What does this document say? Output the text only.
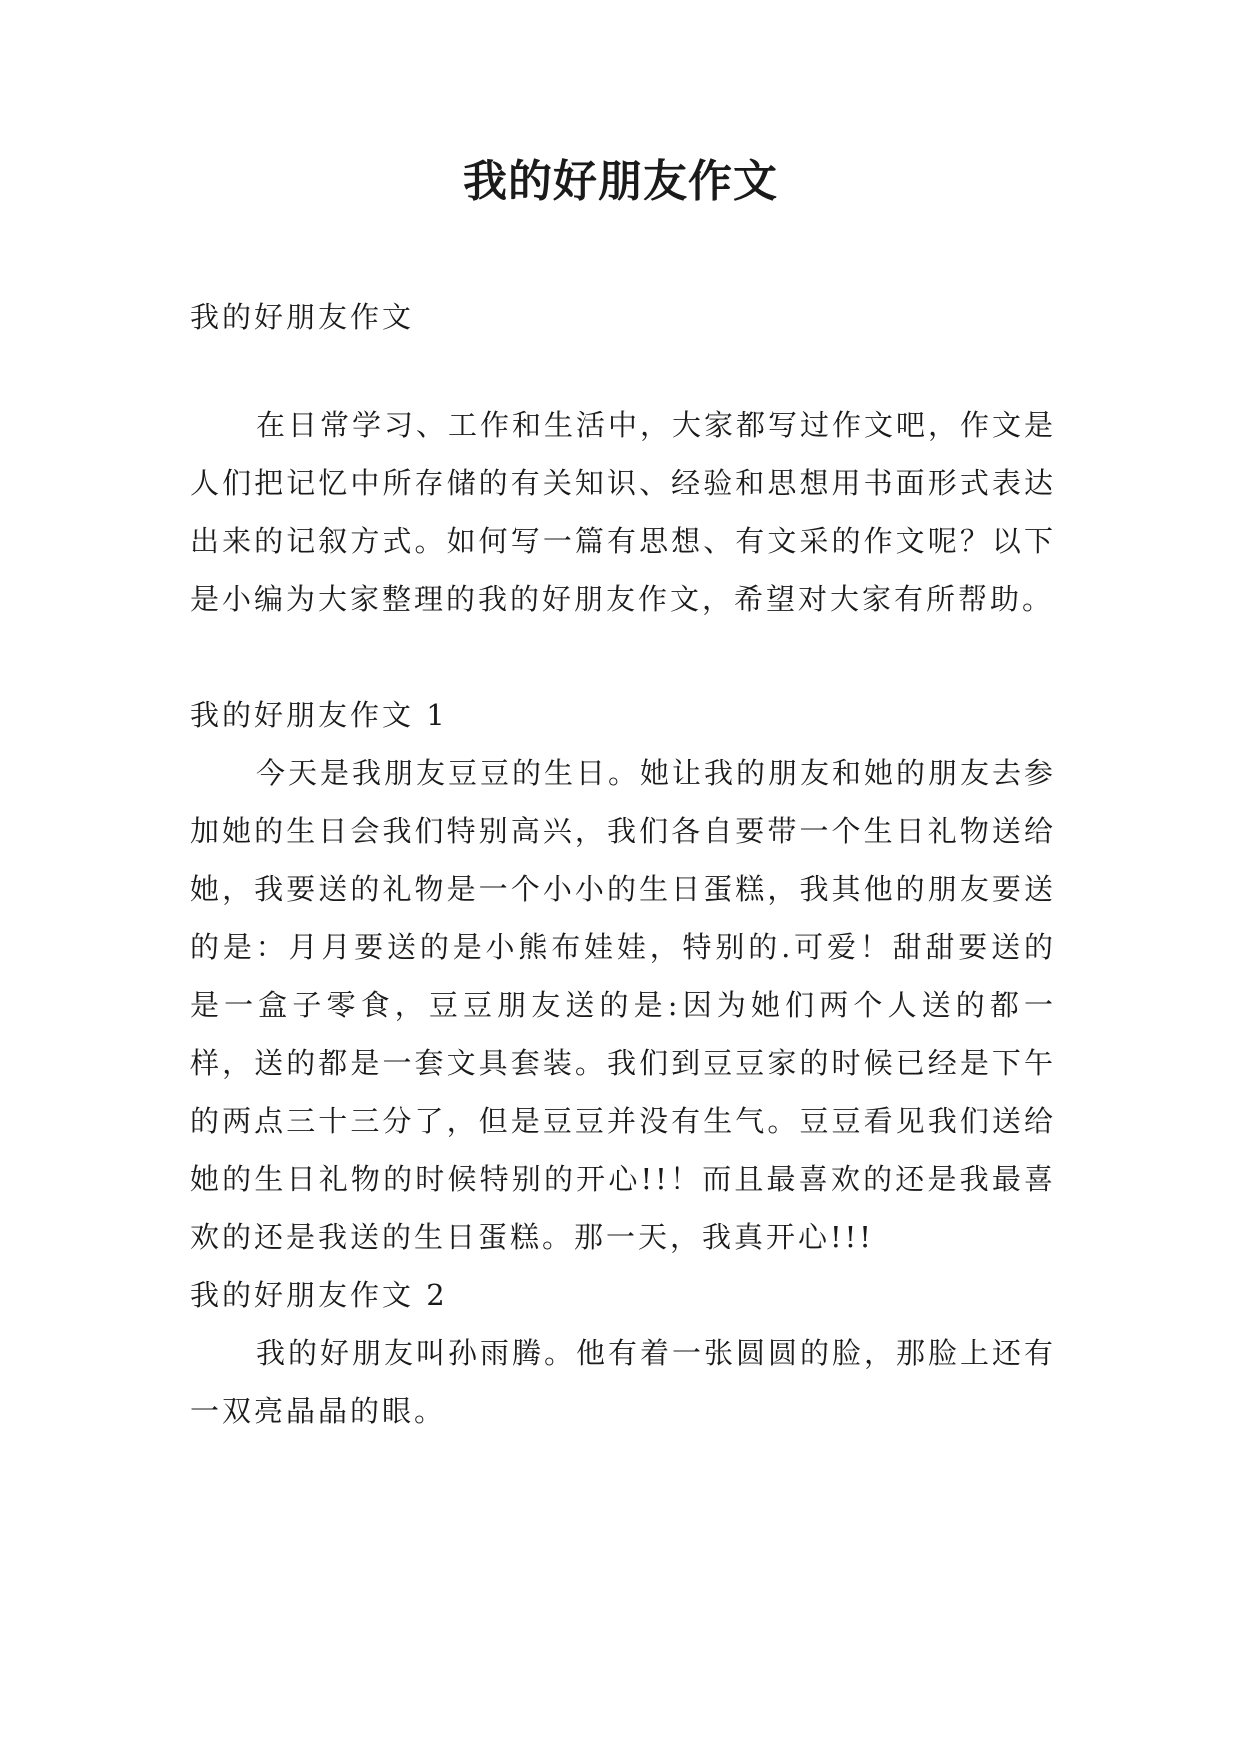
我的好朋友作文

我的好朋友作文

在日常学习、工作和生活中，大家都写过作文吧，作文是人们把记忆中所存储的有关知识、经验和思想用书面形式表达出来的记叙方式。如何写一篇有思想、有文采的作文呢？以下是小编为大家整理的我的好朋友作文，希望对大家有所帮助。

我的好朋友作文 1

今天是我朋友豆豆的生日。她让我的朋友和她的朋友去参加她的生日会我们特别高兴，我们各自要带一个生日礼物送给她，我要送的礼物是一个小小的生日蛋糕，我其他的朋友要送的是：月月要送的是小熊布娃娃，特别的.可爱！甜甜要送的是一盒子零食，豆豆朋友送的是:因为她们两个人送的都一样，送的都是一套文具套装。我们到豆豆家的时候已经是下午的两点三十三分了，但是豆豆并没有生气。豆豆看见我们送给她的生日礼物的时候特别的开心!!！而且最喜欢的还是我最喜欢的还是我送的生日蛋糕。那一天，我真开心!!!

我的好朋友作文 2

我的好朋友叫孙雨腾。他有着一张圆圆的脸，那脸上还有一双亮晶晶的眼。
